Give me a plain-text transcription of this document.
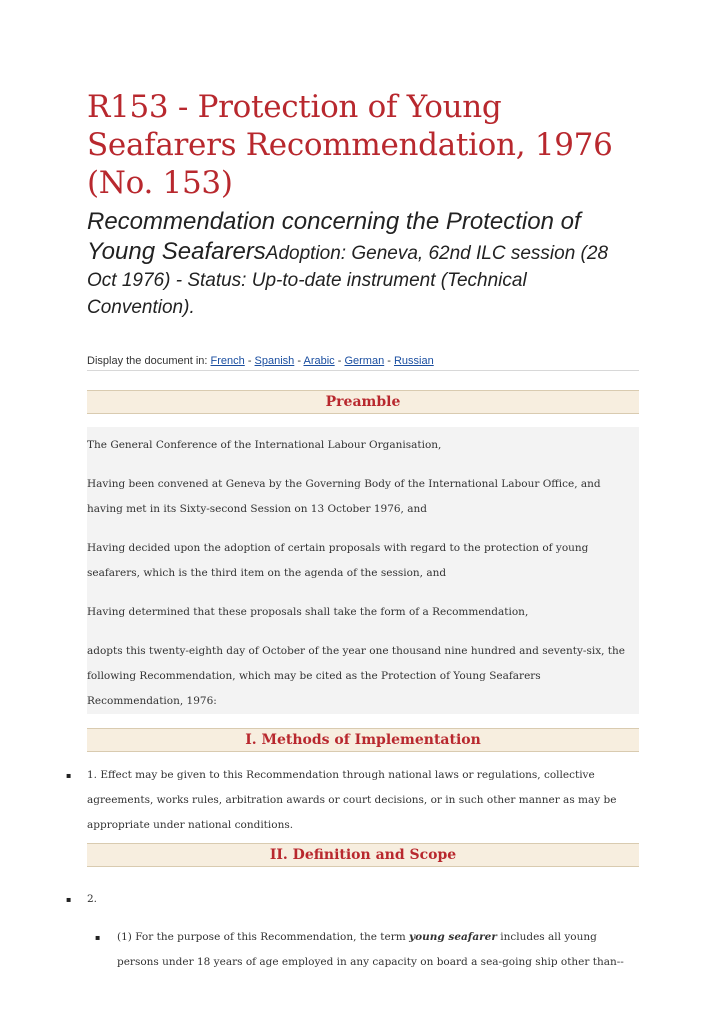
R153 - Protection of Young Seafarers Recommendation, 1976 (No. 153)
Recommendation concerning the Protection of Young SeafarersAdoption: Geneva, 62nd ILC session (28 Oct 1976) - Status: Up-to-date instrument (Technical Convention).
Display the document in: French - Spanish - Arabic - German - Russian
Preamble

The General Conference of the International Labour Organisation,

Having been convened at Geneva by the Governing Body of the International Labour Office, and having met in its Sixty-second Session on 13 October 1976, and

Having decided upon the adoption of certain proposals with regard to the protection of young seafarers, which is the third item on the agenda of the session, and

Having determined that these proposals shall take the form of a Recommendation,

adopts this twenty-eighth day of October of the year one thousand nine hundred and seventy-six, the following Recommendation, which may be cited as the Protection of Young Seafarers Recommendation, 1976:

I. Methods of Implementation
▪ 1. Effect may be given to this Recommendation through national laws or regulations, collective agreements, works rules, arbitration awards or court decisions, or in such other manner as may be appropriate under national conditions.
II. Definition and Scope
▪ 2.
▪ (1) For the purpose of this Recommendation, the term young seafarer includes all young persons under 18 years of age employed in any capacity on board a sea-going ship other than--
